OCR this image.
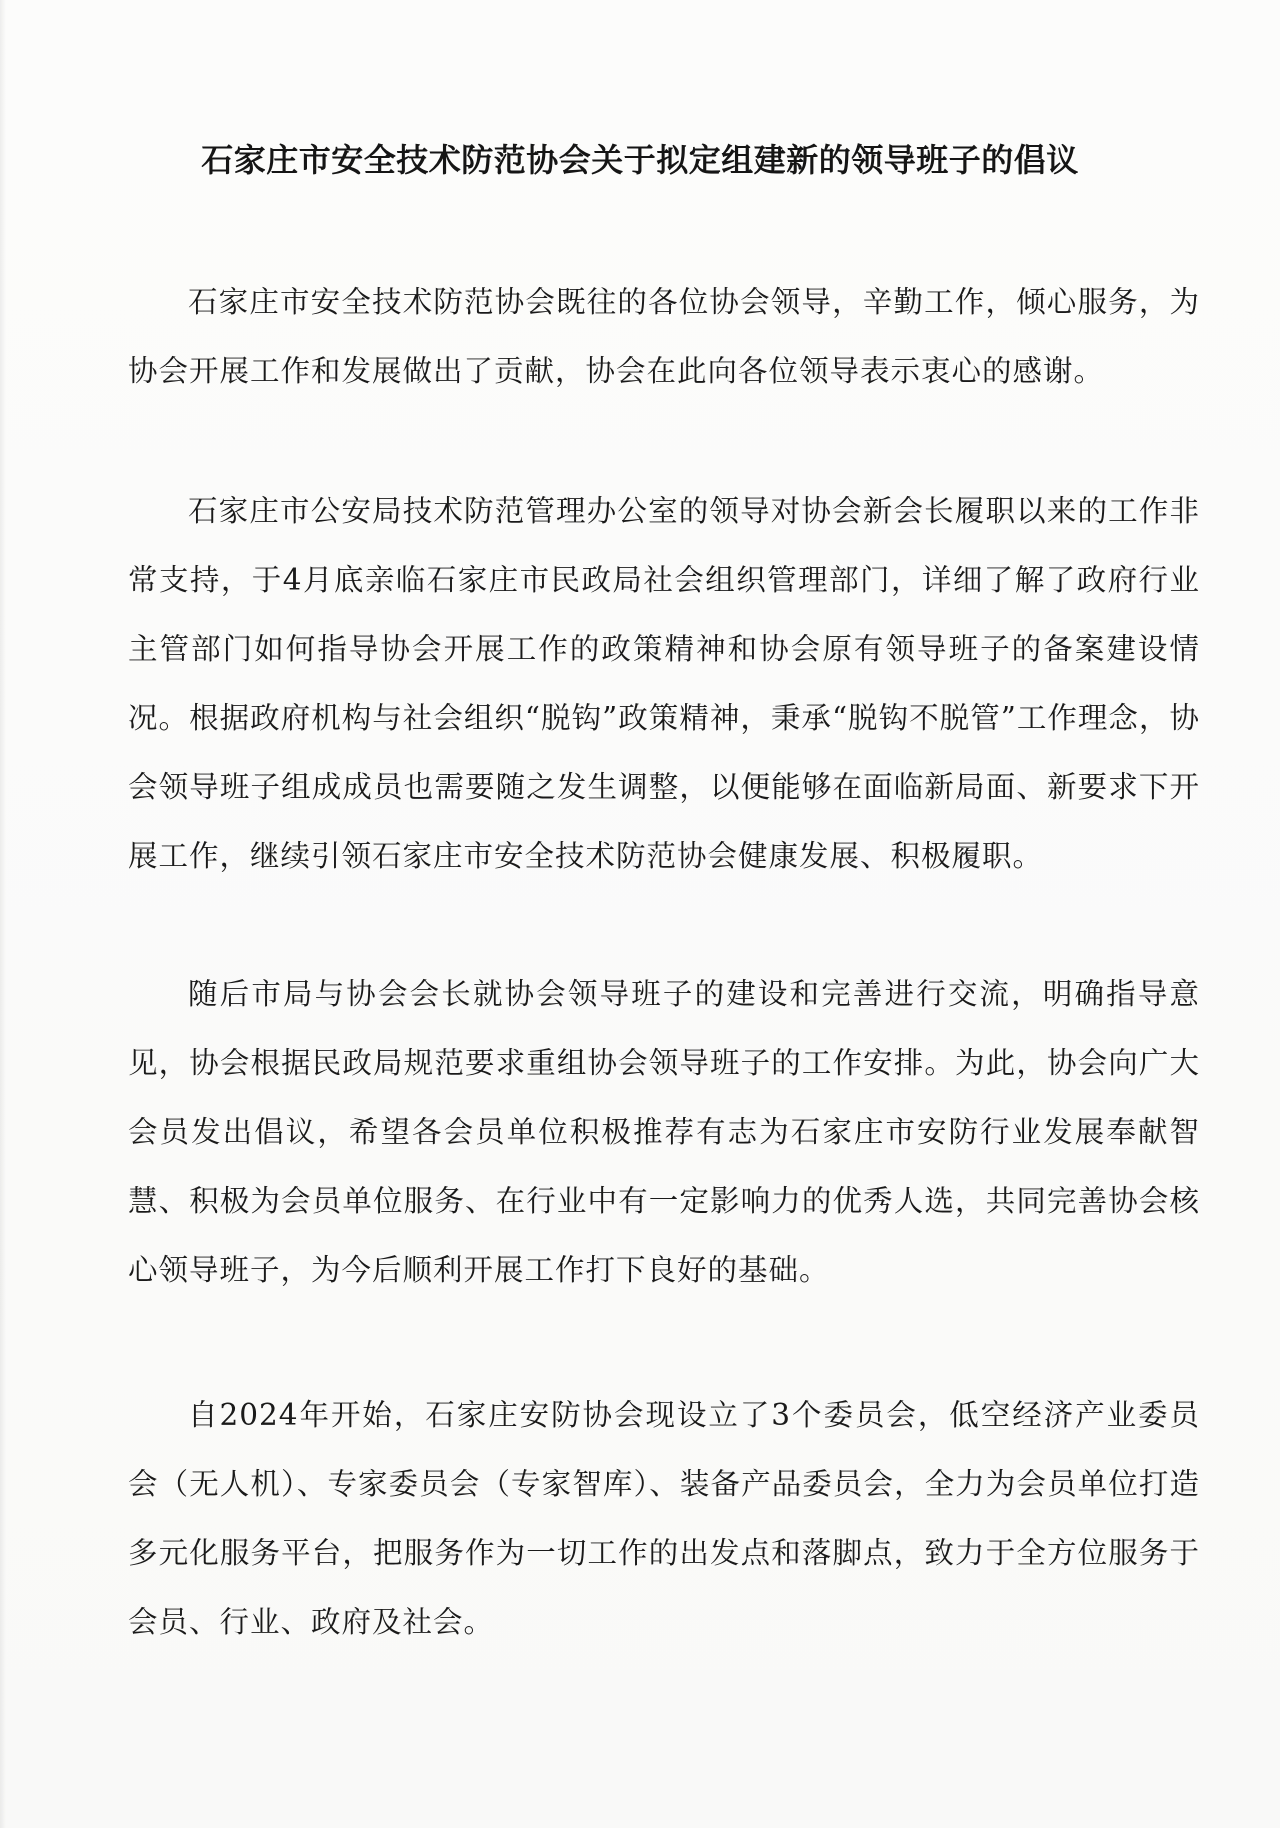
石家庄市安全技术防范协会关于拟定组建新的领导班子的倡议

石家庄市安全技术防范协会既往的各位协会领导，辛勤工作，倾心服务，为协会开展工作和发展做出了贡献，协会在此向各位领导表示衷心的感谢。

石家庄市公安局技术防范管理办公室的领导对协会新会长履职以来的工作非常支持，于4月底亲临石家庄市民政局社会组织管理部门，详细了解了政府行业主管部门如何指导协会开展工作的政策精神和协会原有领导班子的备案建设情况。根据政府机构与社会组织“脱钩”政策精神，秉承“脱钩不脱管”工作理念，协会领导班子组成成员也需要随之发生调整，以便能够在面临新局面、新要求下开展工作，继续引领石家庄市安全技术防范协会健康发展、积极履职。

随后市局与协会会长就协会领导班子的建设和完善进行交流，明确指导意见，协会根据民政局规范要求重组协会领导班子的工作安排。为此，协会向广大会员发出倡议，希望各会员单位积极推荐有志为石家庄市安防行业发展奉献智慧、积极为会员单位服务、在行业中有一定影响力的优秀人选，共同完善协会核心领导班子，为今后顺利开展工作打下良好的基础。

自2024年开始，石家庄安防协会现设立了3个委员会，低空经济产业委员会（无人机）、专家委员会（专家智库）、装备产品委员会，全力为会员单位打造多元化服务平台，把服务作为一切工作的出发点和落脚点，致力于全方位服务于会员、行业、政府及社会。
